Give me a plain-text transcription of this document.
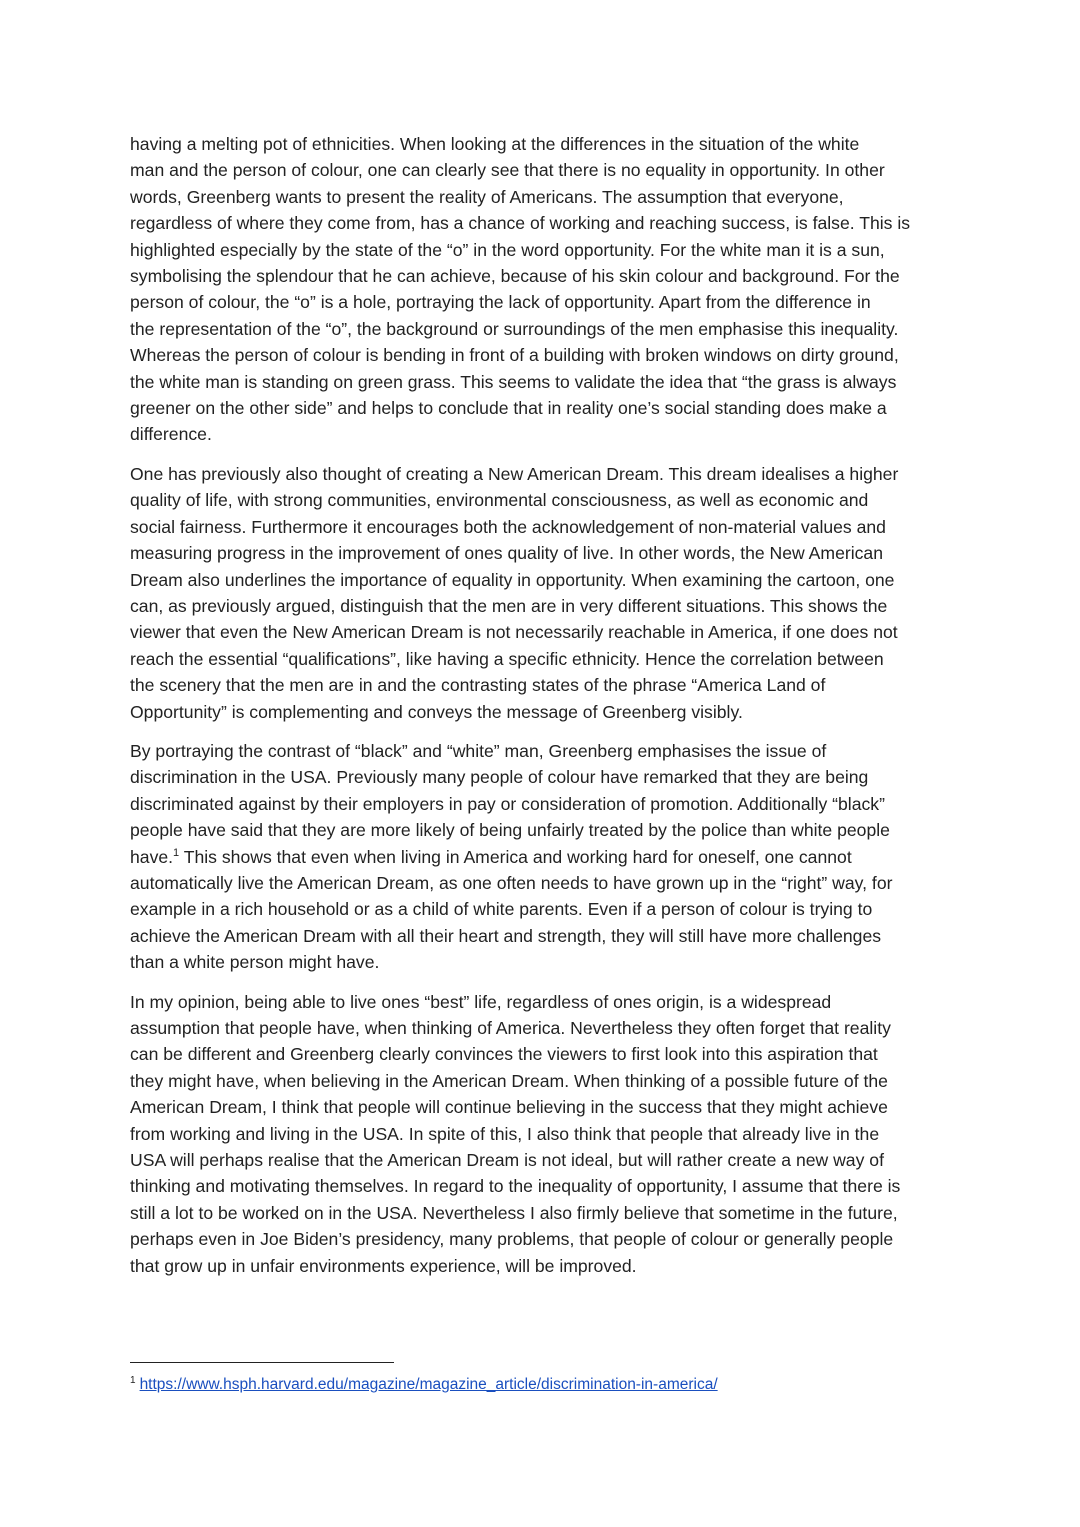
having a melting pot of ethnicities. When looking at the differences in the situation of the white
man and the person of colour, one can clearly see that there is no equality in opportunity. In other
words, Greenberg wants to present the reality of Americans. The assumption that everyone,
regardless of where they come from, has a chance of working and reaching success, is false. This is
highlighted especially by the state of the “o” in the word opportunity. For the white man it is a sun,
symbolising the splendour that he can achieve, because of his skin colour and background. For the
person of colour, the “o” is a hole, portraying the lack of opportunity. Apart from the difference in
the representation of the “o”, the background or surroundings of the men emphasise this inequality.
Whereas the person of colour is bending in front of a building with broken windows on dirty ground,
the white man is standing on green grass. This seems to validate the idea that “the grass is always
greener on the other side” and helps to conclude that in reality one’s social standing does make a
difference.

One has previously also thought of creating a New American Dream. This dream idealises a higher
quality of life, with strong communities, environmental consciousness, as well as economic and
social fairness. Furthermore it encourages both the acknowledgement of non-material values and
measuring progress in the improvement of ones quality of live. In other words, the New American
Dream also underlines the importance of equality in opportunity. When examining the cartoon, one
can, as previously argued, distinguish that the men are in very different situations. This shows the
viewer that even the New American Dream is not necessarily reachable in America, if one does not
reach the essential “qualifications”, like having a specific ethnicity. Hence the correlation between
the scenery that the men are in and the contrasting states of the phrase “America Land of
Opportunity” is complementing and conveys the message of Greenberg visibly.

By portraying the contrast of “black” and “white” man, Greenberg emphasises the issue of
discrimination in the USA. Previously many people of colour have remarked that they are being
discriminated against by their employers in pay or consideration of promotion. Additionally “black”
people have said that they are more likely of being unfairly treated by the police than white people
have.$^1$ This shows that even when living in America and working hard for oneself, one cannot
automatically live the American Dream, as one often needs to have grown up in the “right” way, for
example in a rich household or as a child of white parents. Even if a person of colour is trying to
achieve the American Dream with all their heart and strength, they will still have more challenges
than a white person might have.

In my opinion, being able to live ones “best” life, regardless of ones origin, is a widespread
assumption that people have, when thinking of America. Nevertheless they often forget that reality
can be different and Greenberg clearly convinces the viewers to first look into this aspiration that
they might have, when believing in the American Dream. When thinking of a possible future of the
American Dream, I think that people will continue believing in the success that they might achieve
from working and living in the USA. In spite of this, I also think that people that already live in the
USA will perhaps realise that the American Dream is not ideal, but will rather create a new way of
thinking and motivating themselves. In regard to the inequality of opportunity, I assume that there is
still a lot to be worked on in the USA. Nevertheless I also firmly believe that sometime in the future,
perhaps even in Joe Biden’s presidency, many problems, that people of colour or generally people
that grow up in unfair environments experience, will be improved.

$^1$ https://www.hsph.harvard.edu/magazine/magazine_article/discrimination-in-america/
